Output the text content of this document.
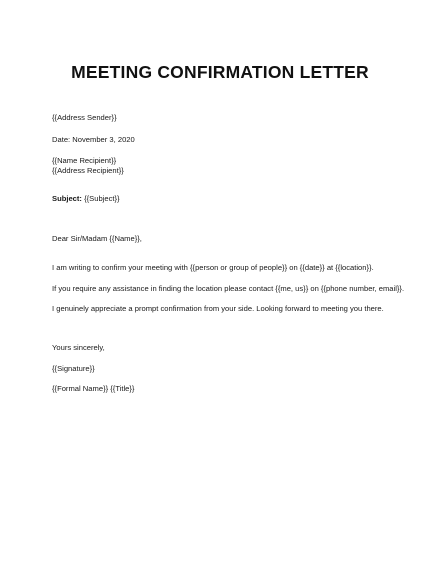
MEETING CONFIRMATION LETTER
{{Address Sender}}
Date: November 3, 2020
{{Name Recipient}}
{{Address Recipient}}
Subject: {{Subject}}
Dear Sir/Madam {{Name}},
I am writing to confirm your meeting with {{person or group of people}} on {{date}} at {{location}}.
If you require any assistance in finding the location please contact {{me, us}} on {{phone number, email}}.
I genuinely appreciate a prompt confirmation from your side. Looking forward to meeting you there.
Yours sincerely,
{{Signature}}
{{Formal Name}} {{Title}}
